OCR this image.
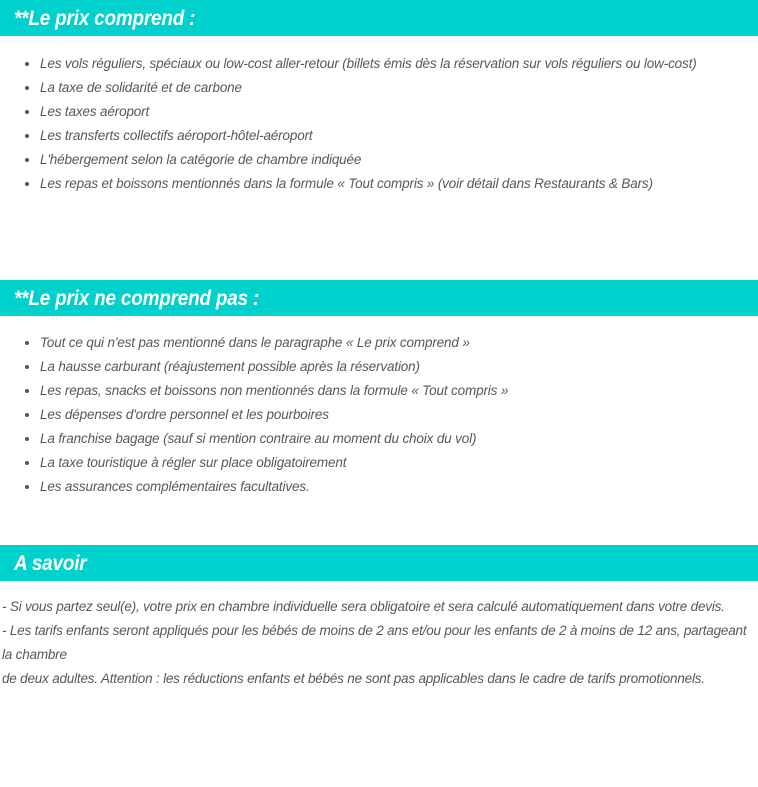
**Le prix comprend :
Les vols réguliers, spéciaux ou low-cost aller-retour (billets émis dès la réservation sur vols réguliers ou low-cost)
La taxe de solidarité et de carbone
Les taxes aéroport
Les transferts collectifs aéroport-hôtel-aéroport
L'hébergement selon la catégorie de chambre indiquée
Les repas et boissons mentionnés dans la formule « Tout compris » (voir détail dans Restaurants & Bars)
**Le prix ne comprend pas :
Tout ce qui n'est pas mentionné dans le paragraphe « Le prix comprend »
La hausse carburant (réajustement possible après la réservation)
Les repas, snacks et boissons non mentionnés dans la formule « Tout compris »
Les dépenses d'ordre personnel et les pourboires
La franchise bagage (sauf si mention contraire au moment du choix du vol)
La taxe touristique à régler sur place obligatoirement
Les assurances complémentaires facultatives.
A savoir
- Si vous partez seul(e), votre prix en chambre individuelle sera obligatoire et sera calculé automatiquement dans votre devis.
- Les tarifs enfants seront appliqués pour les bébés de moins de 2 ans et/ou pour les enfants de 2 à moins de 12 ans, partageant la chambre
de deux adultes. Attention : les réductions enfants et bébés ne sont pas applicables dans le cadre de tarifs promotionnels.
